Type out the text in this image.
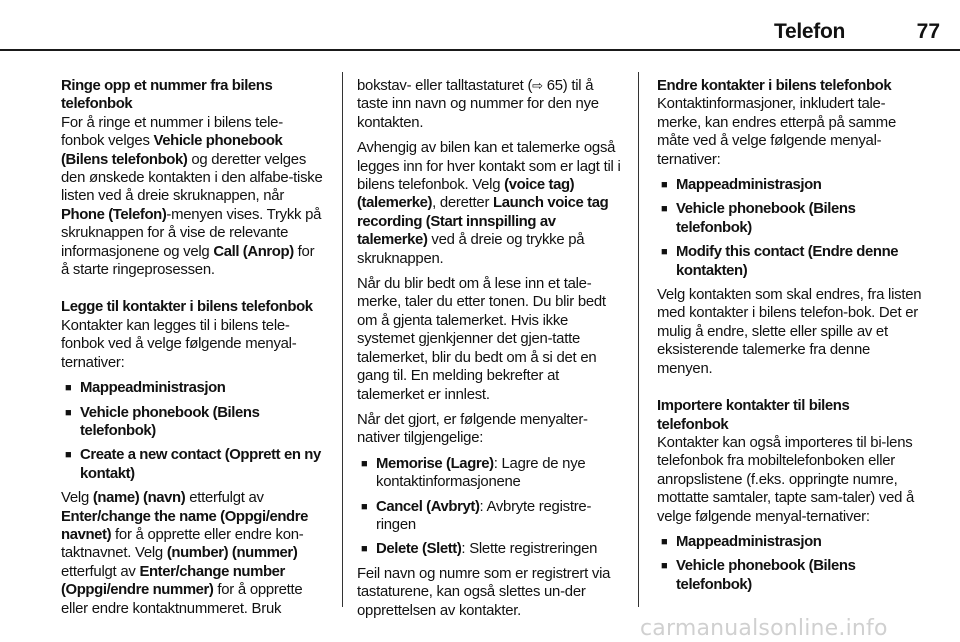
Telefon	77
Ringe opp et nummer fra bilens telefonbok

For å ringe et nummer i bilens tele-fonbok velges Vehicle phonebook (Bilens telefonbok) og deretter velges den ønskede kontakten i den alfabe-tiske listen ved å dreie skruknappen, når Phone (Telefon)-menyen vises. Trykk på skruknappen for å vise de relevante informasjonene og velg Call (Anrop) for å starte ringeprosessen.

Legge til kontakter i bilens telefonbok

Kontakter kan legges til i bilens tele-fonbok ved å velge følgende menyal-ternativer:

■ Mappeadministrasjon
■ Vehicle phonebook (Bilens telefonbok)
■ Create a new contact (Opprett en ny kontakt)

Velg (name) (navn) etterfulgt av Enter/change the name (Oppgi/endre navnet) for å opprette eller endre kon-taktnavnet. Velg (number) (nummer) etterfulgt av Enter/change number (Oppgi/endre nummer) for å opprette eller endre kontaktnummeret. Bruk

bokstav- eller talltastaturet (⇨ 65) til å taste inn navn og nummer for den nye kontakten.

Avhengig av bilen kan et talemerke også legges inn for hver kontakt som er lagt til i bilens telefonbok. Velg (voice tag) (talemerke), deretter Launch voice tag recording (Start innspilling av talemerke) ved å dreie og trykke på skruknappen.

Når du blir bedt om å lese inn et tale-merke, taler du etter tonen. Du blir bedt om å gjenta talemerket. Hvis ikke systemet gjenkjenner det gjen-tatte talemerket, blir du bedt om å si det en gang til. En melding bekrefter at talemerket er innlest.

Når det gjort, er følgende menyalter-nativer tilgjengelige:

■ Memorise (Lagre): Lagre de nye kontaktinformasjonene
■ Cancel (Avbryt): Avbryte registre-ringen
■ Delete (Slett): Slette registreringen

Feil navn og numre som er registrert via tastaturene, kan også slettes un-der opprettelsen av kontakter.

Endre kontakter i bilens telefonbok

Kontaktinformasjoner, inkludert tale-merke, kan endres etterpå på samme måte ved å velge følgende menyal-ternativer:

■ Mappeadministrasjon
■ Vehicle phonebook (Bilens telefonbok)
■ Modify this contact (Endre denne kontakten)

Velg kontakten som skal endres, fra listen med kontakter i bilens telefon-bok. Det er mulig å endre, slette eller spille av et eksisterende talemerke fra denne menyen.

Importere kontakter til bilens telefonbok

Kontakter kan også importeres til bi-lens telefonbok fra mobiltelefonboken eller anropslistene (f.eks. oppringte numre, mottatte samtaler, tapte sam-taler) ved å velge følgende menyal-ternativer:

■ Mappeadministrasjon
■ Vehicle phonebook (Bilens telefonbok)
carmanualsonline.info
